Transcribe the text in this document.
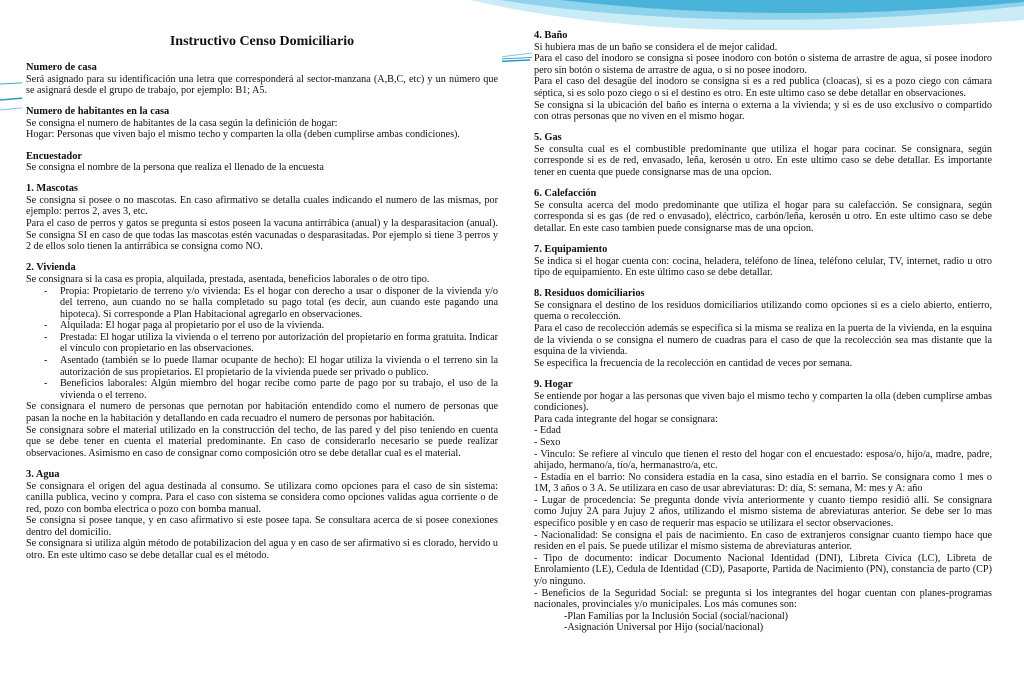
Instructivo Censo Domiciliario
Numero de casa

Será asignado para su identificación una letra que corresponderá al sector-manzana (A,B,C, etc) y un número que se asignará desde el grupo de trabajo, por ejemplo: B1; A5.

Numero de habitantes en la casa

Se consigna el numero de habitantes de la casa según la definición de hogar:

Hogar: Personas que viven bajo el mismo techo y comparten la olla (deben cumplirse ambas condiciones).

Encuestador

Se consigna el nombre de la persona que realiza el llenado de la encuesta

1. Mascotas

Se consigna si posee o no mascotas. En caso afirmativo se detalla cuales indicando el numero de las mismas, por ejemplo: perros 2, aves 3, etc.

Para el caso de perros y gatos se pregunta si estos poseen la vacuna antirrábica (anual) y la desparasitacion (anual). Se consigna SI en caso de que todas las mascotas estén vacunadas o desparasitadas. Por ejemplo si tiene 3 perros y 2 de ellos solo tienen la antirrábica se consigna como NO.

2. Vivienda

Se consignara si la casa es propia, alquilada, prestada, asentada, beneficios laborales o de otro tipo.

- Propia: Propietario de terreno y/o vivienda: Es el hogar con derecho a usar o disponer de la vivienda y/o del terreno, aun cuando no se halla completado su pago total (es decir, aun cuando este pagando una hipoteca). Si corresponde a Plan Habitacional agregarlo en observaciones.
- Alquilada: El hogar paga al propietario por el uso de la vivienda.
- Prestada: El hogar utiliza la vivienda o el terreno por autorización del propietario en forma gratuita. Indicar el vínculo con propietario en las observaciones.
- Asentado (también se lo puede llamar ocupante de hecho): El hogar utiliza la vivienda o el terreno sin la autorización de sus propietarios. El propietario de la vivienda puede ser privado o publico.
- Beneficios laborales: Algún miembro del hogar recibe como parte de pago por su trabajo, el uso de la vivienda o el terreno.

Se consignara el numero de personas que pernotan por habitación entendido como el numero de personas que pasan la noche en la habitación y detallando en cada recuadro el numero de personas por habitación.

Se consignara sobre el material utilizado en la construcción del techo, de las pared y del piso teniendo en cuenta que se debe tener en cuenta el material predominante. En caso de considerarlo necesario se puede realizar observaciones. Asimismo en caso de consignar como composición otro se debe detallar cual es el material.

3. Agua

Se consignara el origen del agua destinada al consumo. Se utilizara como opciones para el caso de sin sistema: canilla publica, vecino y compra. Para el caso con sistema se considera como opciones validas agua corriente o de red, pozo con bomba electrica o pozo con bomba manual.

Se consigna si posee tanque, y en caso afirmativo si este posee tapa. Se consultara acerca de si posee conexiones dentro del domicilio.

Se consignara si utiliza algún método de potabilizacion del agua y en caso de ser afirmativo si es clorado, hervido u otro. En este ultimo caso se debe detallar cual es el método.

4. Baño

Si hubiera mas de un baño se considera el de mejor calidad.

Para el caso del inodoro se consigna si posee inodoro con botón o sistema de arrastre de agua, si posee inodoro pero sin botón o sistema de arrastre de agua, o si no posee inodoro.

Para el caso del desagüe del inodoro se consigna si es a red publica (cloacas), si es a pozo ciego con cámara séptica, si es solo pozo ciego o si el destino es otro. En este ultimo caso se debe detallar en observaciones.

Se consigna si la ubicación del baño es interna o externa a la vivienda; y si es de uso exclusivo o compartido con otras personas que no viven en el mismo hogar.

5. Gas

Se consulta cual es el combustible predominante que utiliza el hogar para cocinar. Se consignara, según corresponde si es de red, envasado, leña, kerosén u otro. En este ultimo caso se debe detallar. Es importante tener en cuenta que puede consignarse mas de una opcion.

6. Calefacción

Se consulta acerca del modo predominante que utiliza el hogar para su calefacción. Se consignara, según corresponda si es gas (de red o envasado), eléctrico, carbón/leña, kerosén u otro. En este ultimo caso se debe detallar. En este caso tambien puede consignarse mas de una opcion.

7. Equipamiento

Se indica si el hogar cuenta con: cocina, heladera, teléfono de línea, teléfono celular, TV, internet, radio u otro tipo de equipamiento. En este último caso se debe detallar.

8. Residuos domiciliarios

Se consignara el destino de los residuos domiciliarios utilizando como opciones si es a cielo abierto, entierro, quema o recolección.

Para el caso de recolección además se especifica si la misma se realiza en la puerta de la vivienda, en la esquina de la vivienda o se consigna el numero de cuadras para el caso de que la recolección sea mas distante que la esquina de la vivienda.

Se especifica la frecuencia de la recolección en cantidad de veces por semana.

9. Hogar

Se entiende por hogar a las personas que viven bajo el mismo techo y comparten la olla (deben cumplirse ambas condiciones).

Para cada integrante del hogar se consignara:

- Edad

- Sexo

- Vinculo: Se refiere al vinculo que tienen el resto del hogar con el encuestado: esposa/o, hijo/a, madre, padre, ahijado, hermano/a, tío/a, hermanastro/a, etc.

- Estadía en el barrio: No considera estadía en la casa, sino estadía en el barrio. Se consignara como 1 mes o 1M, 3 años o 3 A. Se utilizara en caso de usar abreviaturas: D: día, S: semana, M: mes y A: año

- Lugar de procedencia: Se pregunta donde vivía anteriormente y cuanto tiempo residió allí. Se consignara como Jujuy 2A para Jujuy 2 años, utilizando el mismo sistema de abreviaturas anterior. Se debe ser lo mas especifico posible y en caso de requerir mas espacio se utilizara el sector observaciones.

- Nacionalidad: Se consigna el país de nacimiento. En caso de extranjeros consignar cuanto tiempo hace que residen en el país. Se puede utilizar el mismo sistema de abreviaturas anterior.

- Tipo de documento: indicar Documento Nacional Identidad (DNI), Libreta Cívica (LC), Libreta de Enrolamiento (LE), Cedula de Identidad (CD), Pasaporte, Partida de Nacimiento (PN), constancia de parto (CP) y/o ninguno.

- Beneficios de la Seguridad Social: se pregunta si los integrantes del hogar cuentan con planes-programas nacionales, provinciales y/o municipales. Los más comunes son:

-Plan Familias por la Inclusión Social (social/nacional)

-Asignación Universal por Hijo (social/nacional)
